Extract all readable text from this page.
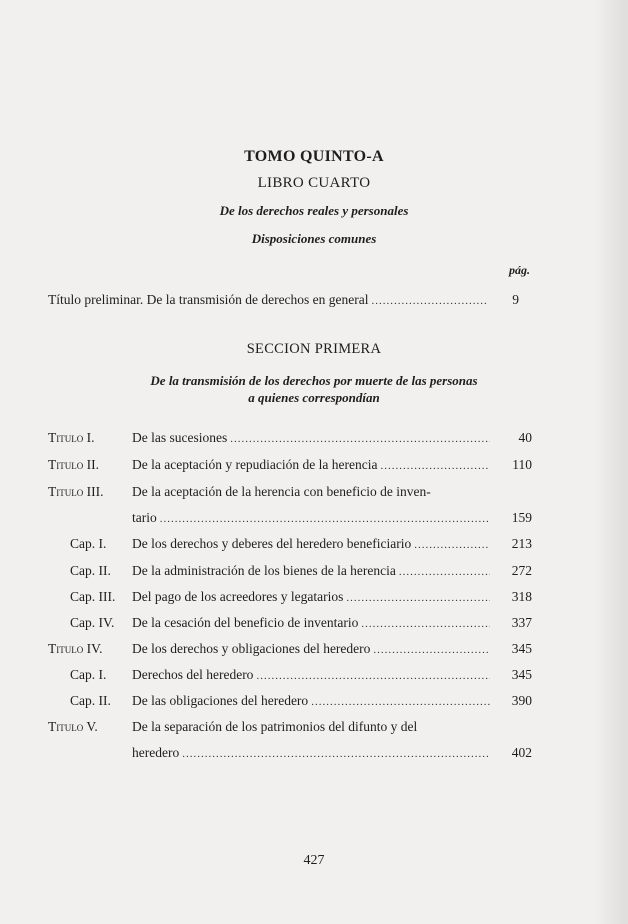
TOMO QUINTO-A
LIBRO CUARTO
De los derechos reales y personales
Disposiciones comunes
pág.
Título preliminar. De la transmisión de derechos en general .....	9
SECCION PRIMERA
De la transmisión de los derechos por muerte de las personas
a quienes correspondían
Titulo I.	De las sucesiones .....	40
Titulo II. De la aceptación y repudiación de la herencia .....	110
Titulo III. De la aceptación de la herencia con beneficio de inven-
tario .....	159
Cap. I. De los derechos y deberes del heredero beneficiario .....	213
Cap. II. De la administración de los bienes de la herencia .....	272
Cap. III. Del pago de los acreedores y legatarios .....	318
Cap. IV. De la cesación del beneficio de inventario .....	337
Titulo IV. De los derechos y obligaciones del heredero .....	345
Cap. I. Derechos del heredero .....	345
Cap. II. De las obligaciones del heredero .....	390
Titulo V.	De la separación de los patrimonios del difunto y del
heredero .....	402
427
